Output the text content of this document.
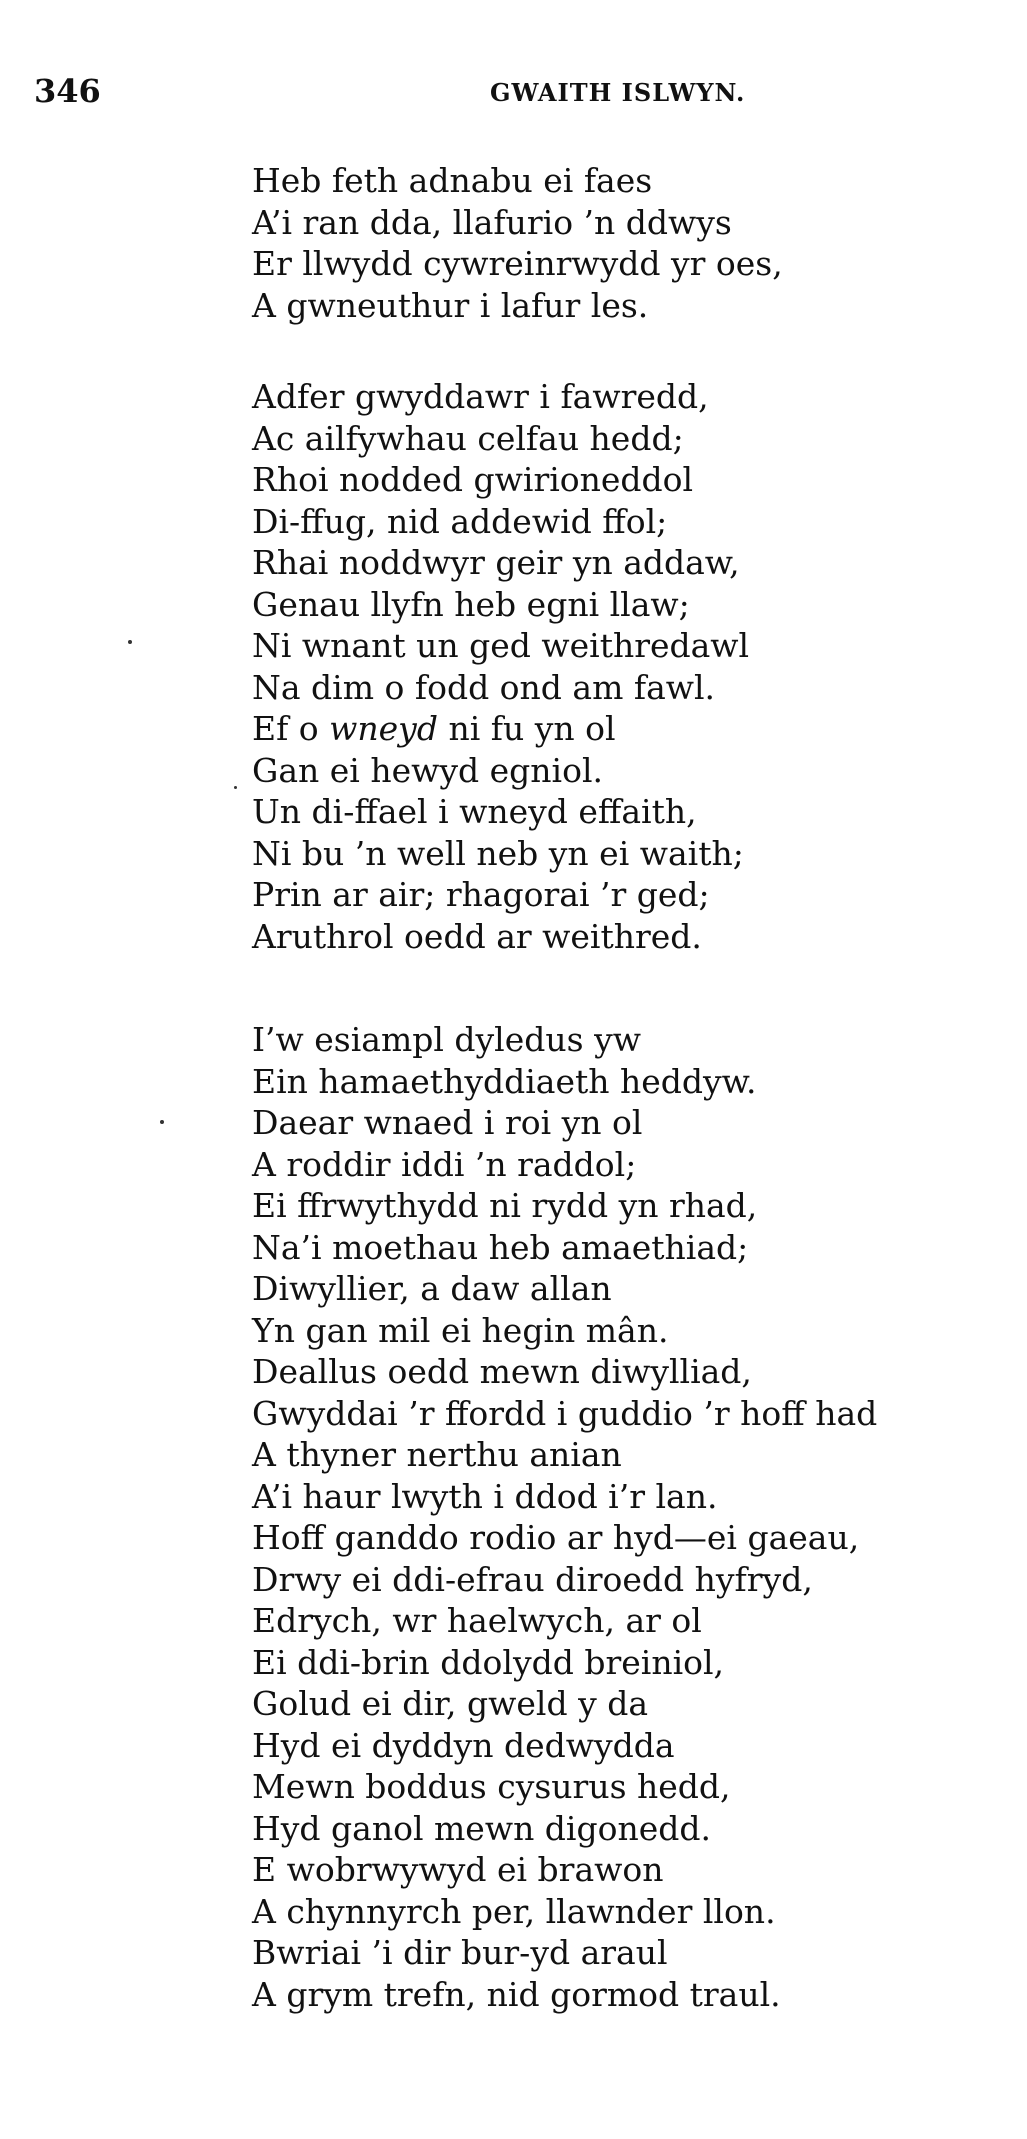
346	GWAITH ISLWYN.
Heb feth adnabu ei faes
A’i ran dda, llafurio ’n ddwys
Er llwydd cywreinrwydd yr oes,
A gwneuthur i lafur les.
Adfer gwyddawr i fawredd,
Ac ailfywhau celfau hedd;
Rhoi nodded gwirioneddol
Di-ffug, nid addewid ffol;
Rhai noddwyr geir yn addaw,
Genau llyfn heb egni llaw;
Ni wnant un ged weithredawl
Na dim o fodd ond am fawl.
Ef o wneyd ni fu yn ol
Gan ei hewyd egniol.
Un di-ffael i wneyd effaith,
Ni bu ’n well neb yn ei waith;
Prin ar air; rhagorai ’r ged;
Aruthrol oedd ar weithred.
I’w esiampl dyledus yw
Ein hamaethyddiaeth heddyw.
Daear wnaed i roi yn ol
A roddir iddi ’n raddol;
Ei ffrwythydd ni rydd yn rhad,
Na’i moethau heb amaethiad;
Diwyllier, a daw allan
Yn gan mil ei hegin mân.
Deallus oedd mewn diwylliad,
Gwyddai ’r ffordd i guddio ’r hoff had
A thyner nerthu anian
A’i haur lwyth i ddod i’r lan.
Hoff ganddo rodio ar hyd—ei gaeau,
Drwy ei ddi-efrau diroedd hyfryd,
Edrych, wr haelwych, ar ol
Ei ddi-brin ddolydd breiniol,
Golud ei dir, gweld y da
Hyd ei dyddyn dedwydda
Mewn boddus cysurus hedd,
Hyd ganol mewn digonedd.
E wobrwywyd ei brawon
A chynnyrch per, llawnder llon.
Bwriai ’i dir bur-yd araul
A grym trefn, nid gormod traul.
